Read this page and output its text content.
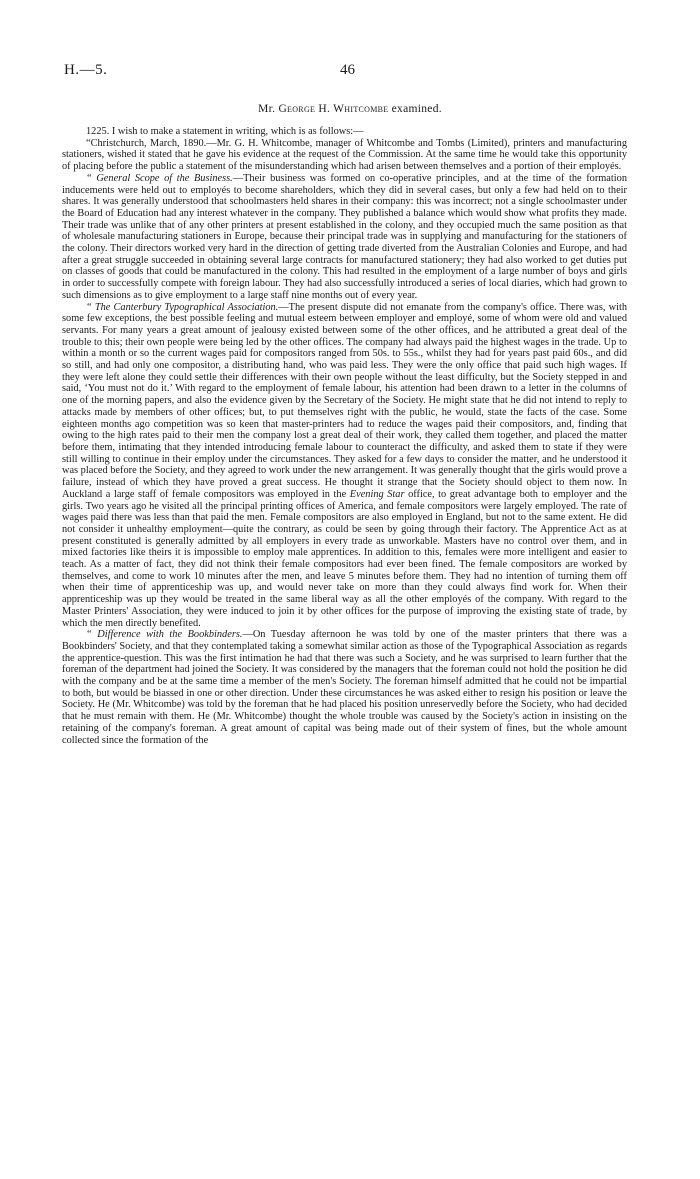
H.—5.	46
Mr. George H. Whitcombe examined.

1225. I wish to make a statement in writing, which is as follows:—

“Christchurch, March, 1890.—Mr. G. H. Whitcombe, manager of Whitcombe and Tombs (Limited), printers and manufacturing stationers, wished it stated that he gave his evidence at the request of the Commission. At the same time he would take this opportunity of placing before the public a statement of the misunderstanding which had arisen between themselves and a portion of their employés.

“ General Scope of the Business.—Their business was formed on co-operative principles, and at the time of the formation inducements were held out to employés to become shareholders, which they did in several cases, but only a few had held on to their shares. It was generally understood that schoolmasters held shares in their company: this was incorrect; not a single schoolmaster under the Board of Education had any interest whatever in the company. They published a balance which would show what profits they made. Their trade was unlike that of any other printers at present established in the colony, and they occupied much the same position as that of wholesale manufacturing stationers in Europe, because their principal trade was in supplying and manufacturing for the stationers of the colony. Their directors worked very hard in the direction of getting trade diverted from the Australian Colonies and Europe, and had after a great struggle succeeded in obtaining several large contracts for manufactured stationery; they had also worked to get duties put on classes of goods that could be manufactured in the colony. This had resulted in the employment of a large number of boys and girls in order to successfully compete with foreign labour. They had also successfully introduced a series of local diaries, which had grown to such dimensions as to give employment to a large staff nine months out of every year.

“ The Canterbury Typographical Association.—The present dispute did not emanate from the company's office. There was, with some few exceptions, the best possible feeling and mutual esteem between employer and employé, some of whom were old and valued servants. For many years a great amount of jealousy existed between some of the other offices, and he attributed a great deal of the trouble to this; their own people were being led by the other offices. The company had always paid the highest wages in the trade. Up to within a month or so the current wages paid for compositors ranged from 50s. to 55s., whilst they had for years past paid 60s., and did so still, and had only one compositor, a distributing hand, who was paid less. They were the only office that paid such high wages. If they were left alone they could settle their differences with their own people without the least difficulty, but the Society stepped in and said, ‘You must not do it.’ With regard to the employment of female labour, his attention had been drawn to a letter in the columns of one of the morning papers, and also the evidence given by the Secretary of the Society. He might state that he did not intend to reply to attacks made by members of other offices; but, to put themselves right with the public, he would, state the facts of the case. Some eighteen months ago competition was so keen that master-printers had to reduce the wages paid their compositors, and, finding that owing to the high rates paid to their men the company lost a great deal of their work, they called them together, and placed the matter before them, intimating that they intended introducing female labour to counteract the difficulty, and asked them to state if they were still willing to continue in their employ under the circumstances. They asked for a few days to consider the matter, and he understood it was placed before the Society, and they agreed to work under the new arrangement. It was generally thought that the girls would prove a failure, instead of which they have proved a great success. He thought it strange that the Society should object to them now. In Auckland a large staff of female compositors was employed in the Evening Star office, to great advantage both to employer and the girls. Two years ago he visited all the principal printing offices of America, and female compositors were largely employed. The rate of wages paid there was less than that paid the men. Female compositors are also employed in England, but not to the same extent. He did not consider it unhealthy employment—quite the contrary, as could be seen by going through their factory. The Apprentice Act as at present constituted is generally admitted by all employers in every trade as unworkable. Masters have no control over them, and in mixed factories like theirs it is impossible to employ male apprentices. In addition to this, females were more intelligent and easier to teach. As a matter of fact, they did not think their female compositors had ever been fined. The female compositors are worked by themselves, and come to work 10 minutes after the men, and leave 5 minutes before them. They had no intention of turning them off when their time of apprenticeship was up, and would never take on more than they could always find work for. When their apprenticeship was up they would be treated in the same liberal way as all the other employés of the company. With regard to the Master Printers' Association, they were induced to join it by other offices for the purpose of improving the existing state of trade, by which the men directly benefited.

“ Difference with the Bookbinders.—On Tuesday afternoon he was told by one of the master printers that there was a Bookbinders' Society, and that they contemplated taking a somewhat similar action as those of the Typographical Association as regards the apprentice-question. This was the first intimation he had that there was such a Society, and he was surprised to learn further that the foreman of the department had joined the Society. It was considered by the managers that the foreman could not hold the position he did with the company and be at the same time a member of the men's Society. The foreman himself admitted that he could not be impartial to both, but would be biassed in one or other direction. Under these circumstances he was asked either to resign his position or leave the Society. He (Mr. Whitcombe) was told by the foreman that he had placed his position unreservedly before the Society, who had decided that he must remain with them. He (Mr. Whitcombe) thought the whole trouble was caused by the Society's action in insisting on the retaining of the company's foreman. A great amount of capital was being made out of their system of fines, but the whole amount collected since the formation of the
